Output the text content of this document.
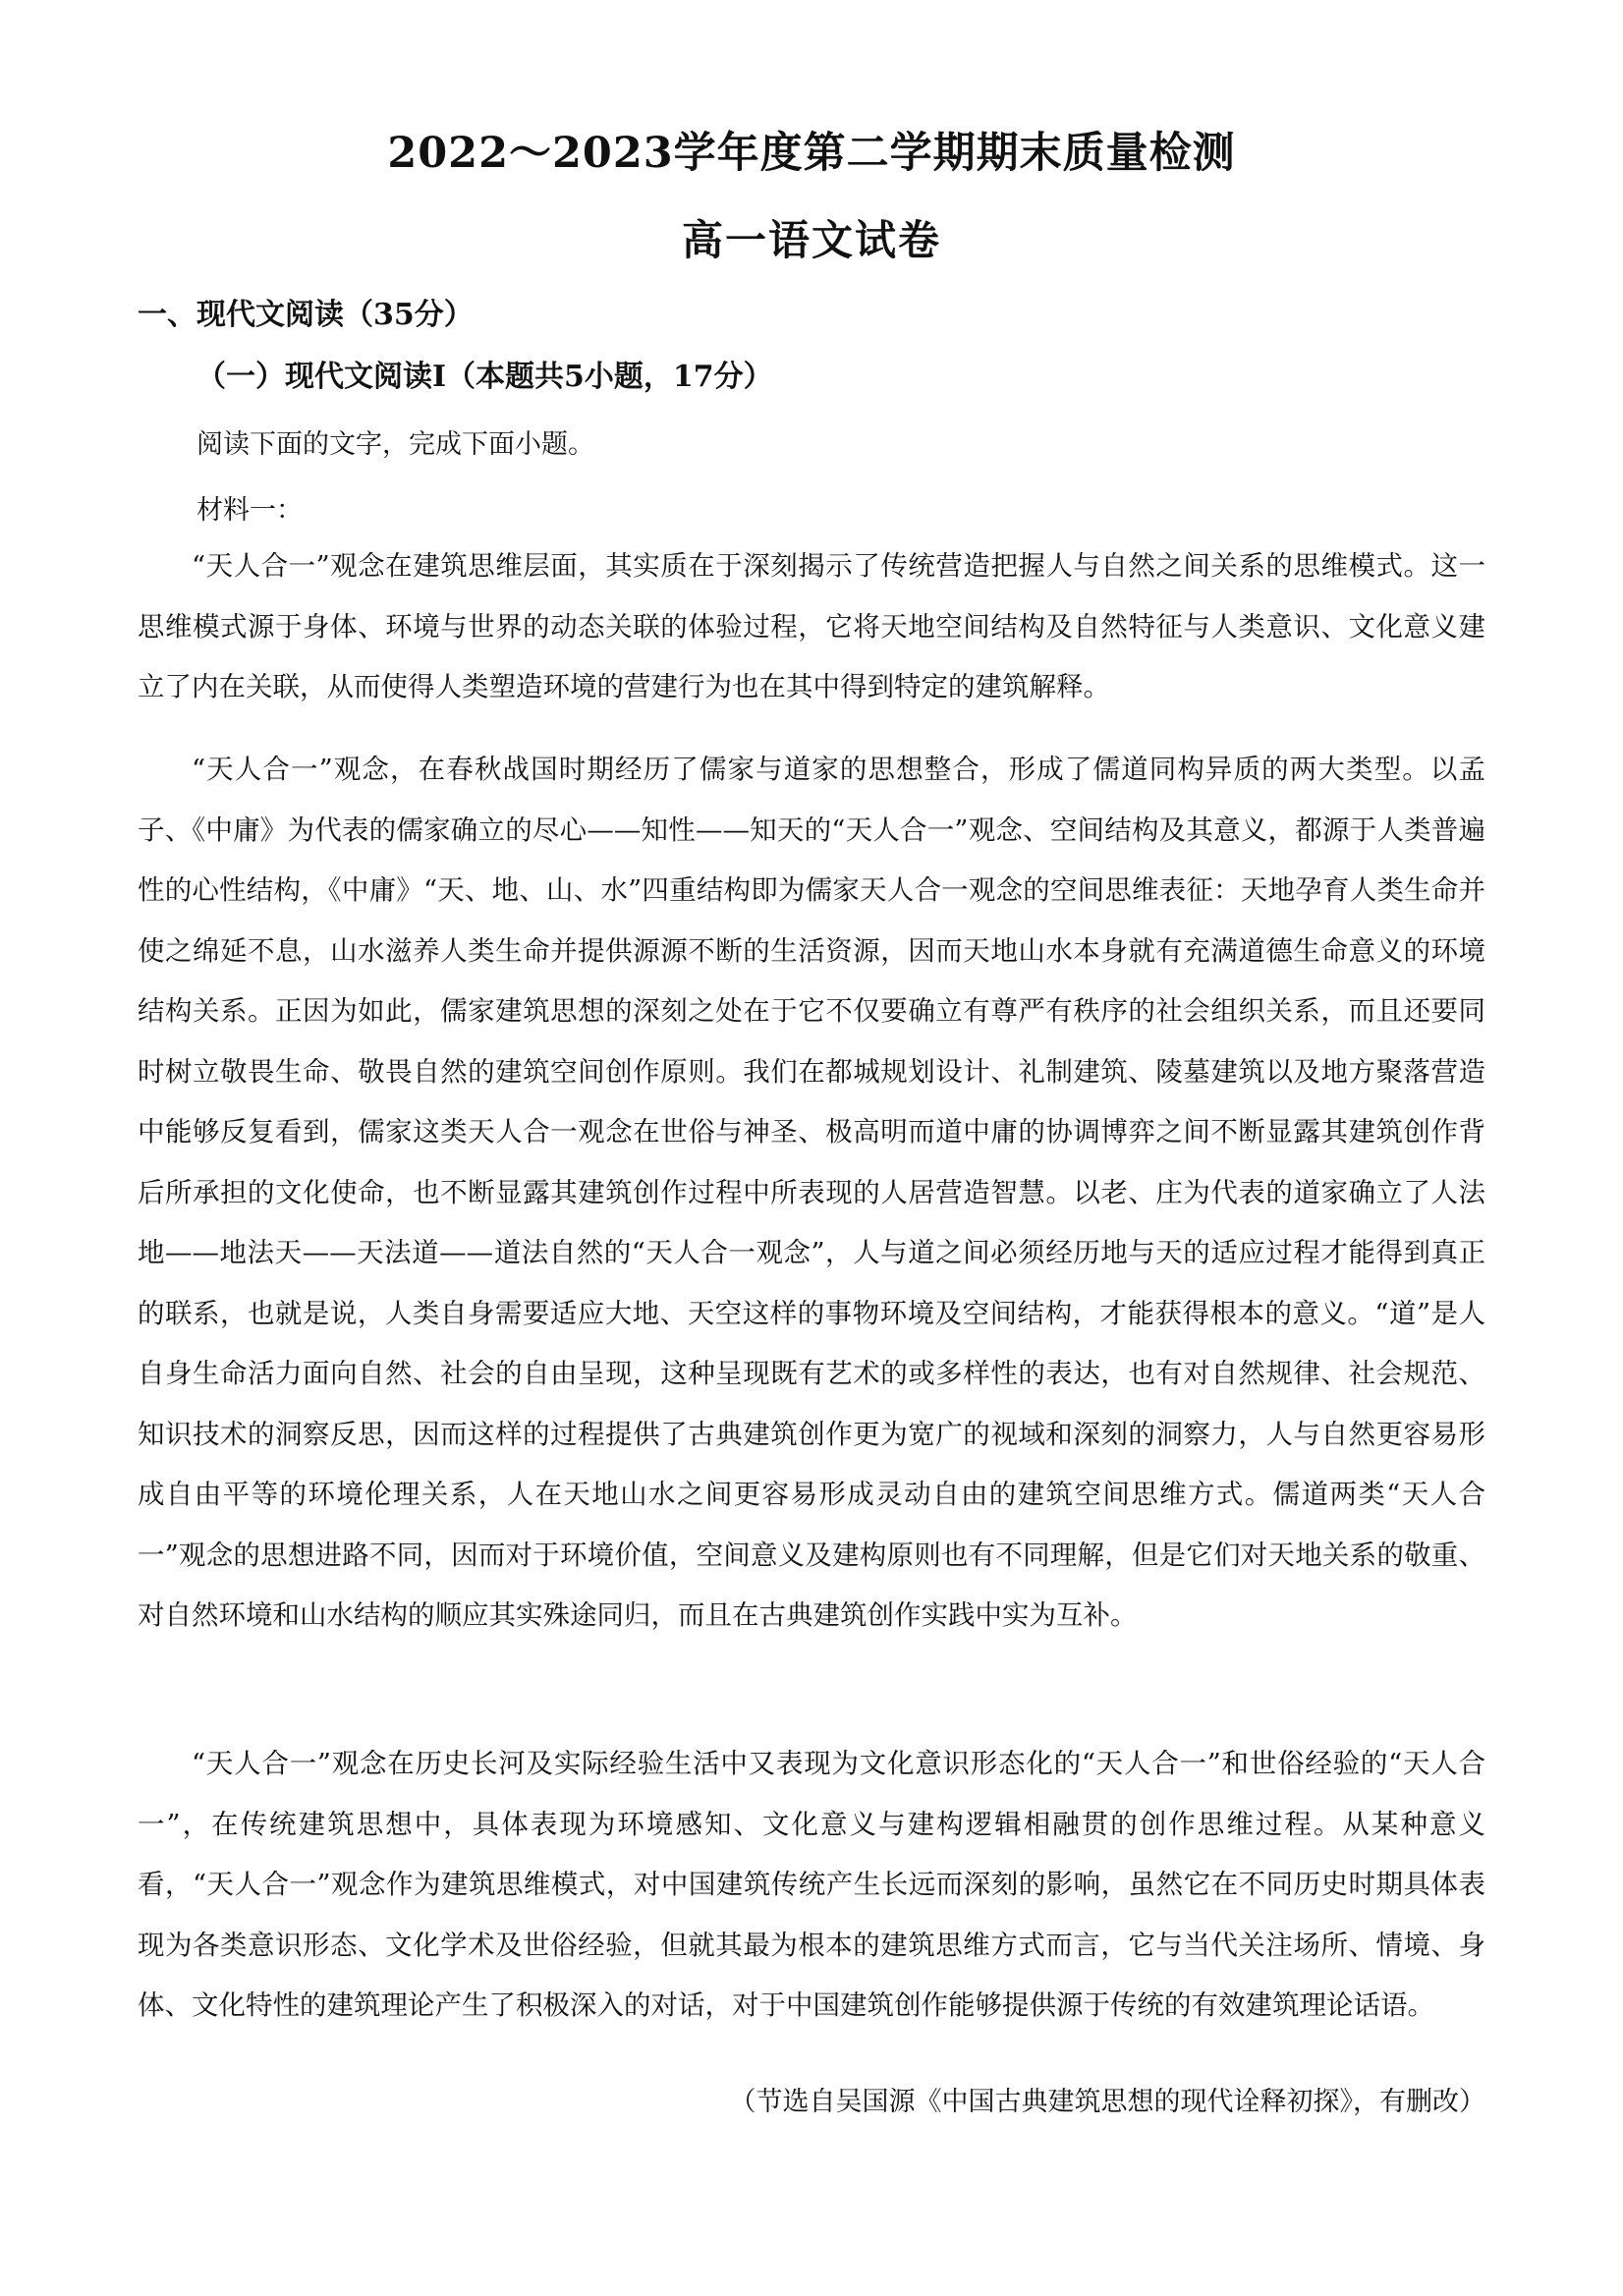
2022～2023学年度第二学期期末质量检测
高一语文试卷
一、现代文阅读（35分）
（一）现代文阅读Ⅰ（本题共5小题，17分）
阅读下面的文字，完成下面小题。
材料一：

“天人合一”观念在建筑思维层面，其实质在于深刻揭示了传统营造把握人与自然之间关系的思维模式。这一思维模式源于身体、环境与世界的动态关联的体验过程，它将天地空间结构及自然特征与人类意识、文化意义建立了内在关联，从而使得人类塑造环境的营建行为也在其中得到特定的建筑解释。

“天人合一”观念，在春秋战国时期经历了儒家与道家的思想整合，形成了儒道同构异质的两大类型。以孟子、《中庸》为代表的儒家确立的尽心——知性——知天的“天人合一”观念、空间结构及其意义，都源于人类普遍性的心性结构，《中庸》“天、地、山、水”四重结构即为儒家天人合一观念的空间思维表征：天地孕育人类生命并使之绵延不息，山水滋养人类生命并提供源源不断的生活资源，因而天地山水本身就有充满道德生命意义的环境结构关系。正因为如此，儒家建筑思想的深刻之处在于它不仅要确立有尊严有秩序的社会组织关系，而且还要同时树立敬畏生命、敬畏自然的建筑空间创作原则。我们在都城规划设计、礼制建筑、陵墓建筑以及地方聚落营造中能够反复看到，儒家这类天人合一观念在世俗与神圣、极高明而道中庸的协调博弈之间不断显露其建筑创作背后所承担的文化使命，也不断显露其建筑创作过程中所表现的人居营造智慧。以老、庄为代表的道家确立了人法地——地法天——天法道——道法自然的“天人合一观念”，人与道之间必须经历地与天的适应过程才能得到真正的联系，也就是说，人类自身需要适应大地、天空这样的事物环境及空间结构，才能获得根本的意义。“道”是人自身生命活力面向自然、社会的自由呈现，这种呈现既有艺术的或多样性的表达，也有对自然规律、社会规范、知识技术的洞察反思，因而这样的过程提供了古典建筑创作更为宽广的视域和深刻的洞察力，人与自然更容易形成自由平等的环境伦理关系，人在天地山水之间更容易形成灵动自由的建筑空间思维方式。儒道两类“天人合一”观念的思想进路不同，因而对于环境价值，空间意义及建构原则也有不同理解，但是它们对天地关系的敬重、对自然环境和山水结构的顺应其实殊途同归，而且在古典建筑创作实践中实为互补。

“天人合一”观念在历史长河及实际经验生活中又表现为文化意识形态化的“天人合一”和世俗经验的“天人合一”，在传统建筑思想中，具体表现为环境感知、文化意义与建构逻辑相融贯的创作思维过程。从某种意义看，“天人合一”观念作为建筑思维模式，对中国建筑传统产生长远而深刻的影响，虽然它在不同历史时期具体表现为各类意识形态、文化学术及世俗经验，但就其最为根本的建筑思维方式而言，它与当代关注场所、情境、身体、文化特性的建筑理论产生了积极深入的对话，对于中国建筑创作能够提供源于传统的有效建筑理论话语。

（节选自吴国源《中国古典建筑思想的现代诠释初探》，有删改）
